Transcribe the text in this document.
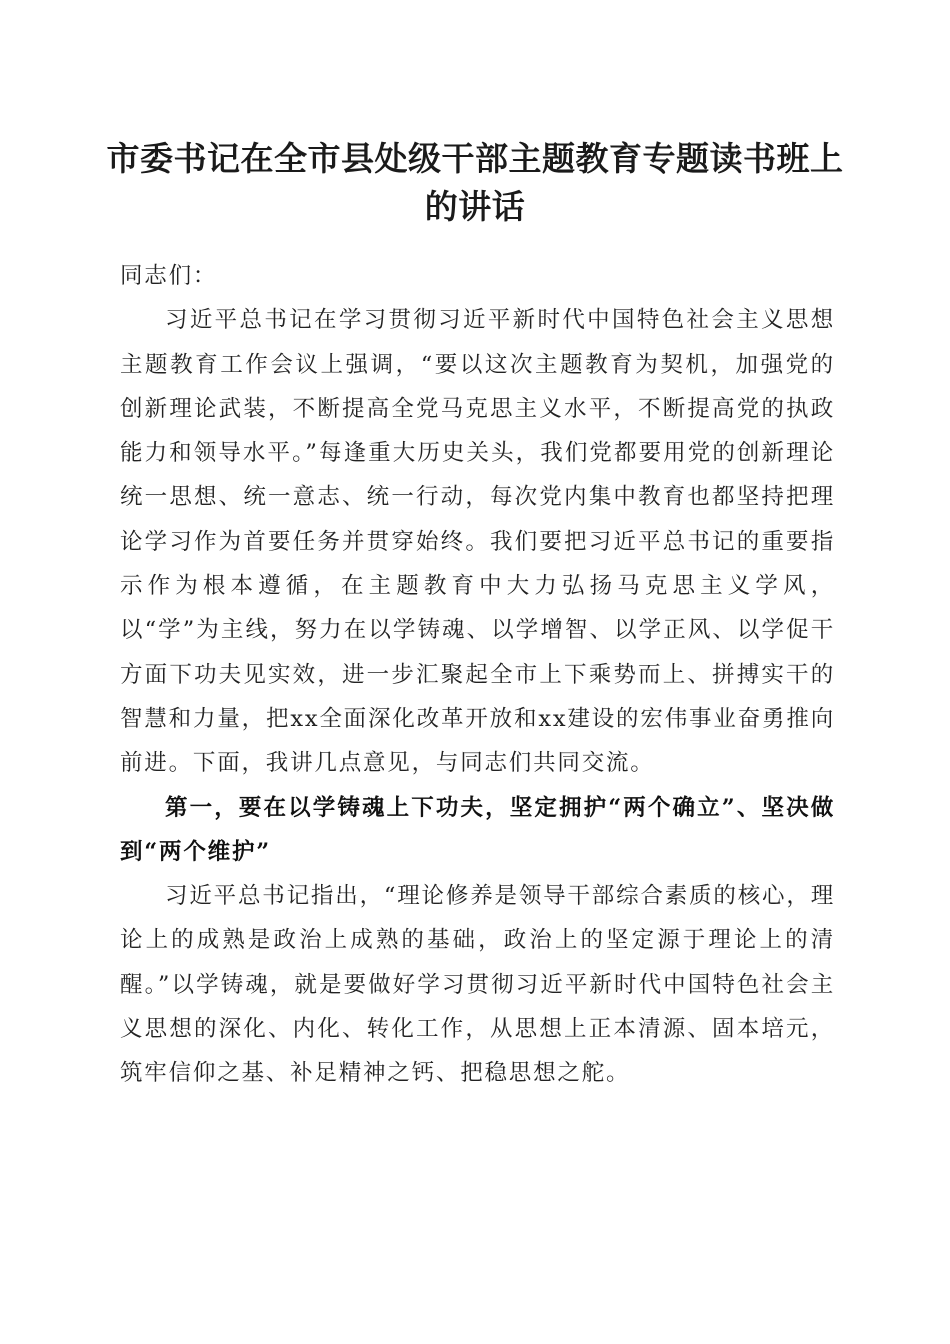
市委书记在全市县处级干部主题教育专题读书班上的讲话

同志们：

习近平总书记在学习贯彻习近平新时代中国特色社会主义思想主题教育工作会议上强调，“要以这次主题教育为契机，加强党的创新理论武装，不断提高全党马克思主义水平，不断提高党的执政能力和领导水平。”每逢重大历史关头，我们党都要用党的创新理论统一思想、统一意志、统一行动，每次党内集中教育也都坚持把理论学习作为首要任务并贯穿始终。我们要把习近平总书记的重要指示作为根本遵循，在主题教育中大力弘扬马克思主义学风，以“学”为主线，努力在以学铸魂、以学增智、以学正风、以学促干方面下功夫见实效，进一步汇聚起全市上下乘势而上、拼搏实干的智慧和力量，把xx全面深化改革开放和xx建设的宏伟事业奋勇推向前进。下面，我讲几点意见，与同志们共同交流。

第一，要在以学铸魂上下功夫，坚定拥护“两个确立”、坚决做到“两个维护”

习近平总书记指出，“理论修养是领导干部综合素质的核心，理论上的成熟是政治上成熟的基础，政治上的坚定源于理论上的清醒。”以学铸魂，就是要做好学习贯彻习近平新时代中国特色社会主义思想的深化、内化、转化工作，从思想上正本清源、固本培元，筑牢信仰之基、补足精神之钙、把稳思想之舵。
